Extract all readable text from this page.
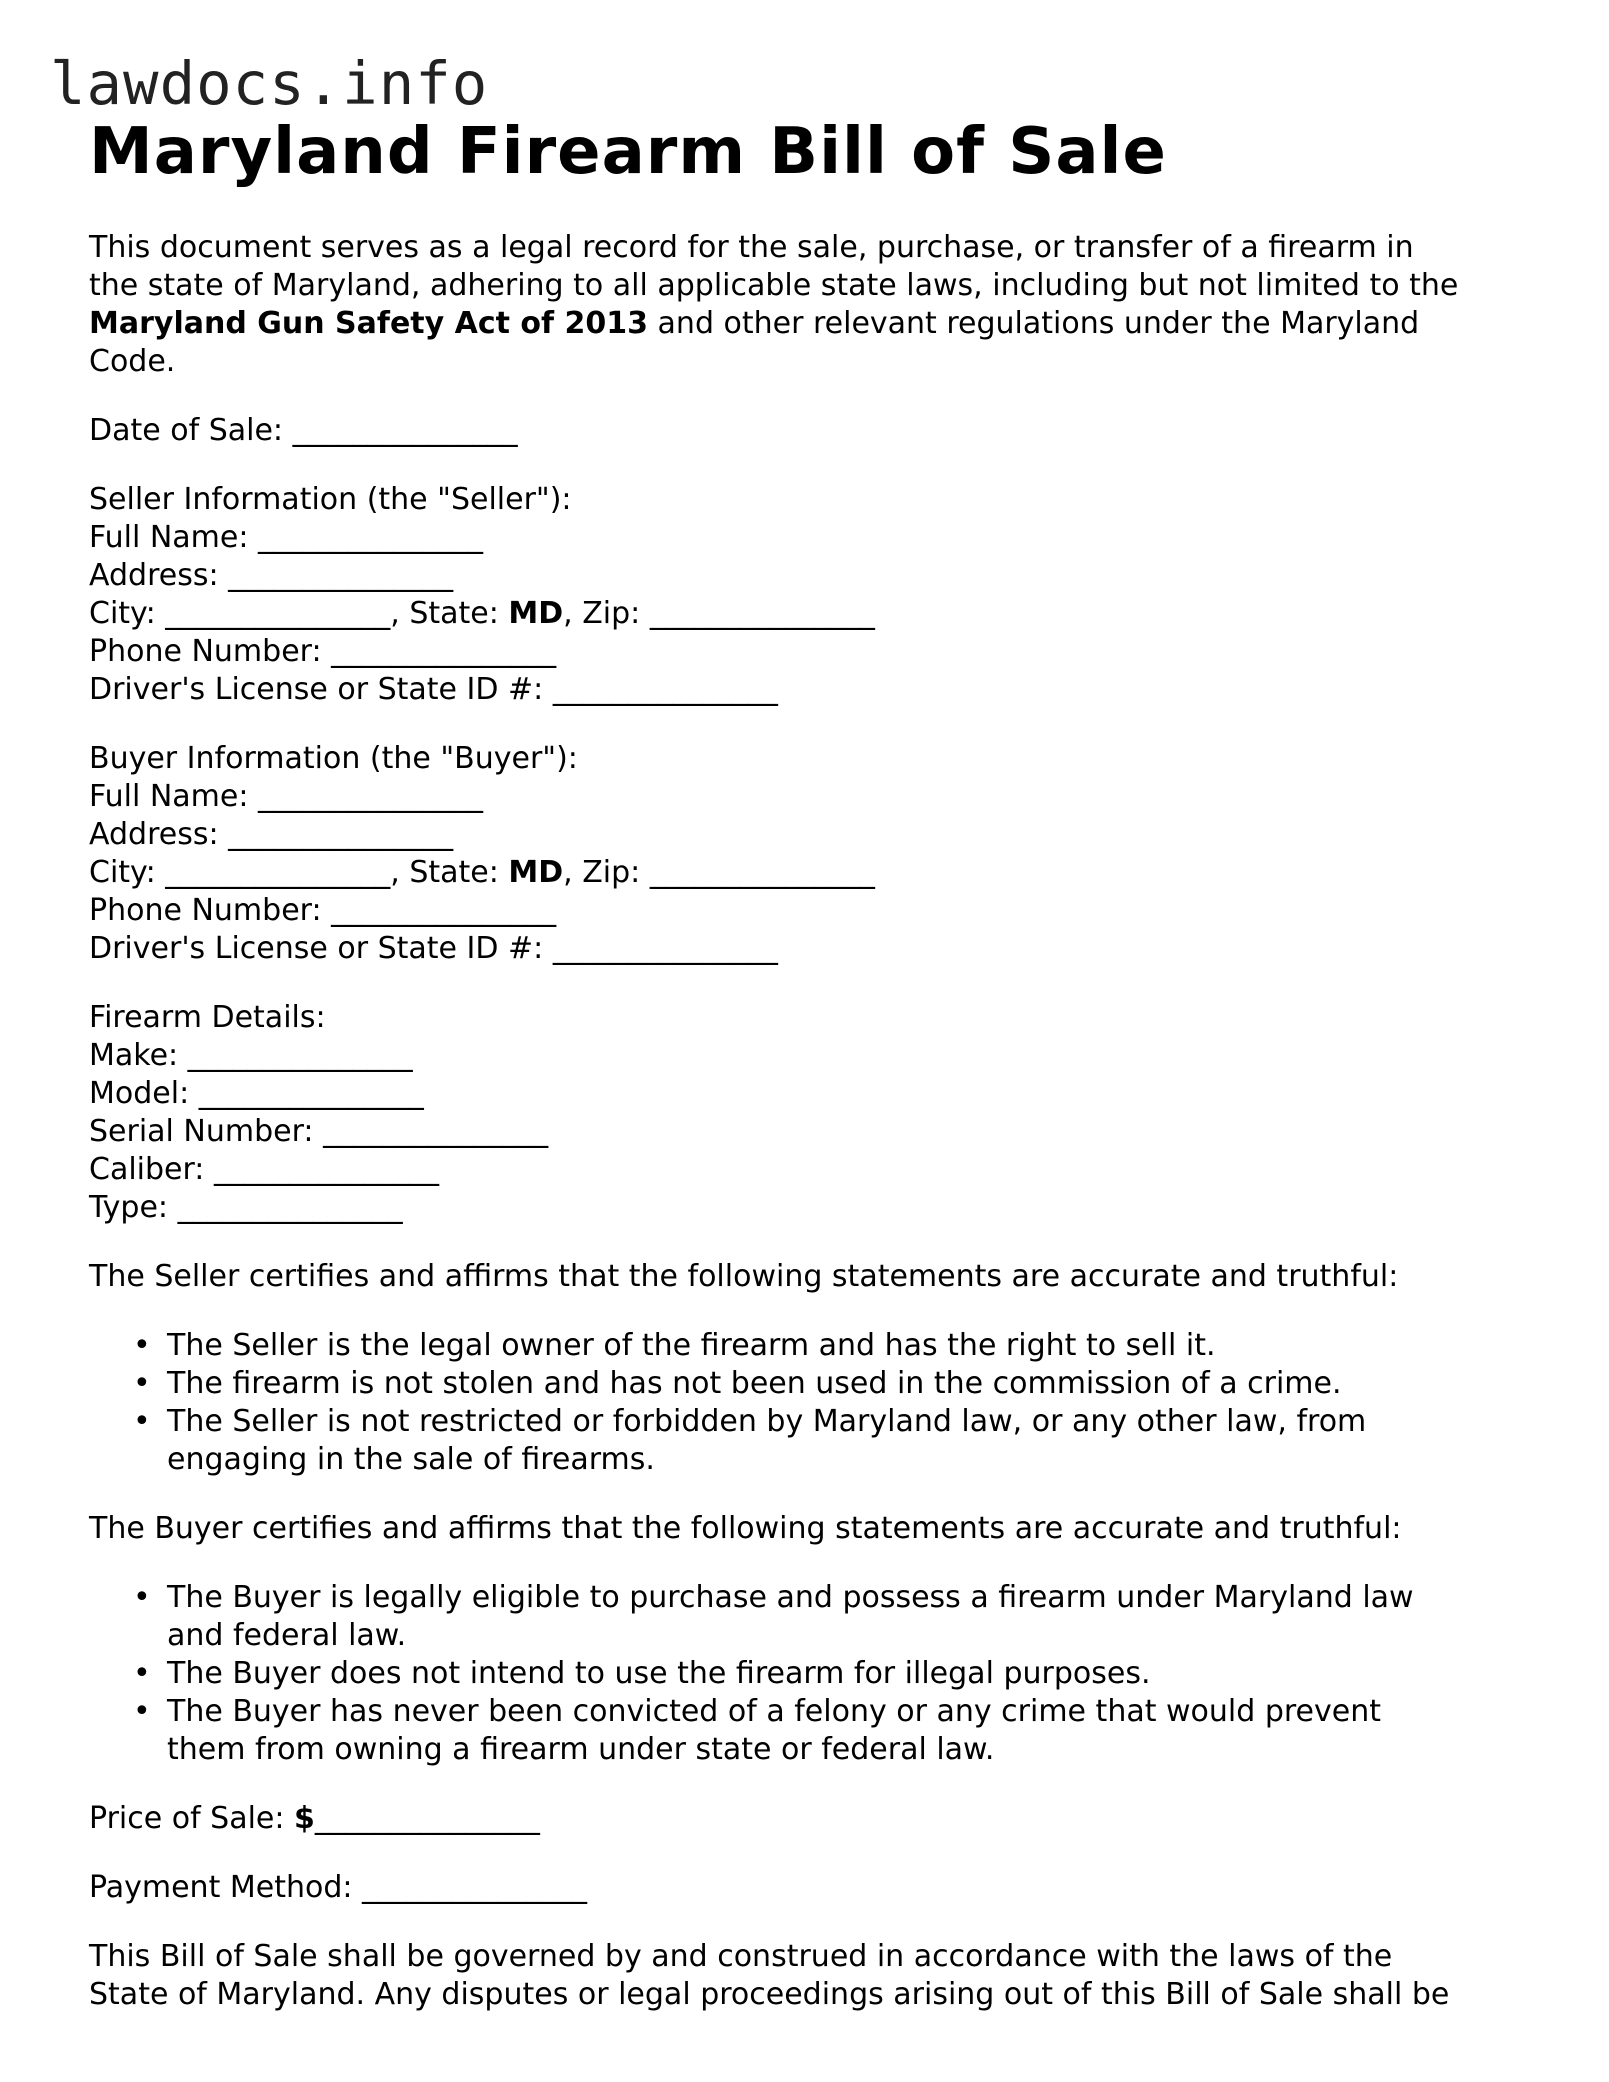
lawdocs.info
Maryland Firearm Bill of Sale

This document serves as a legal record for the sale, purchase, or transfer of a firearm in

the state of Maryland, adhering to all applicable state laws, including but not limited to the

Maryland Gun Safety Act of 2013 and other relevant regulations under the Maryland

Code.

Date of Sale: _______________

Seller Information (the "Seller"):

Full Name: _______________

Address: _______________

City: _______________, State: MD, Zip: _______________

Phone Number: _______________

Driver's License or State ID #: _______________

Buyer Information (the "Buyer"):

Full Name: _______________

Address: _______________

City: _______________, State: MD, Zip: _______________

Phone Number: _______________

Driver's License or State ID #: _______________

Firearm Details:

Make: _______________

Model: _______________

Serial Number: _______________

Caliber: _______________

Type: _______________

The Seller certifies and affirms that the following statements are accurate and truthful:

• The Seller is the legal owner of the firearm and has the right to sell it.
• The firearm is not stolen and has not been used in the commission of a crime.
• The Seller is not restricted or forbidden by Maryland law, or any other law, from
engaging in the sale of firearms.

The Buyer certifies and affirms that the following statements are accurate and truthful:

• The Buyer is legally eligible to purchase and possess a firearm under Maryland law
and federal law.
• The Buyer does not intend to use the firearm for illegal purposes.
• The Buyer has never been convicted of a felony or any crime that would prevent
them from owning a firearm under state or federal law.

Price of Sale: $_______________

Payment Method: _______________

This Bill of Sale shall be governed by and construed in accordance with the laws of the

State of Maryland. Any disputes or legal proceedings arising out of this Bill of Sale shall be
